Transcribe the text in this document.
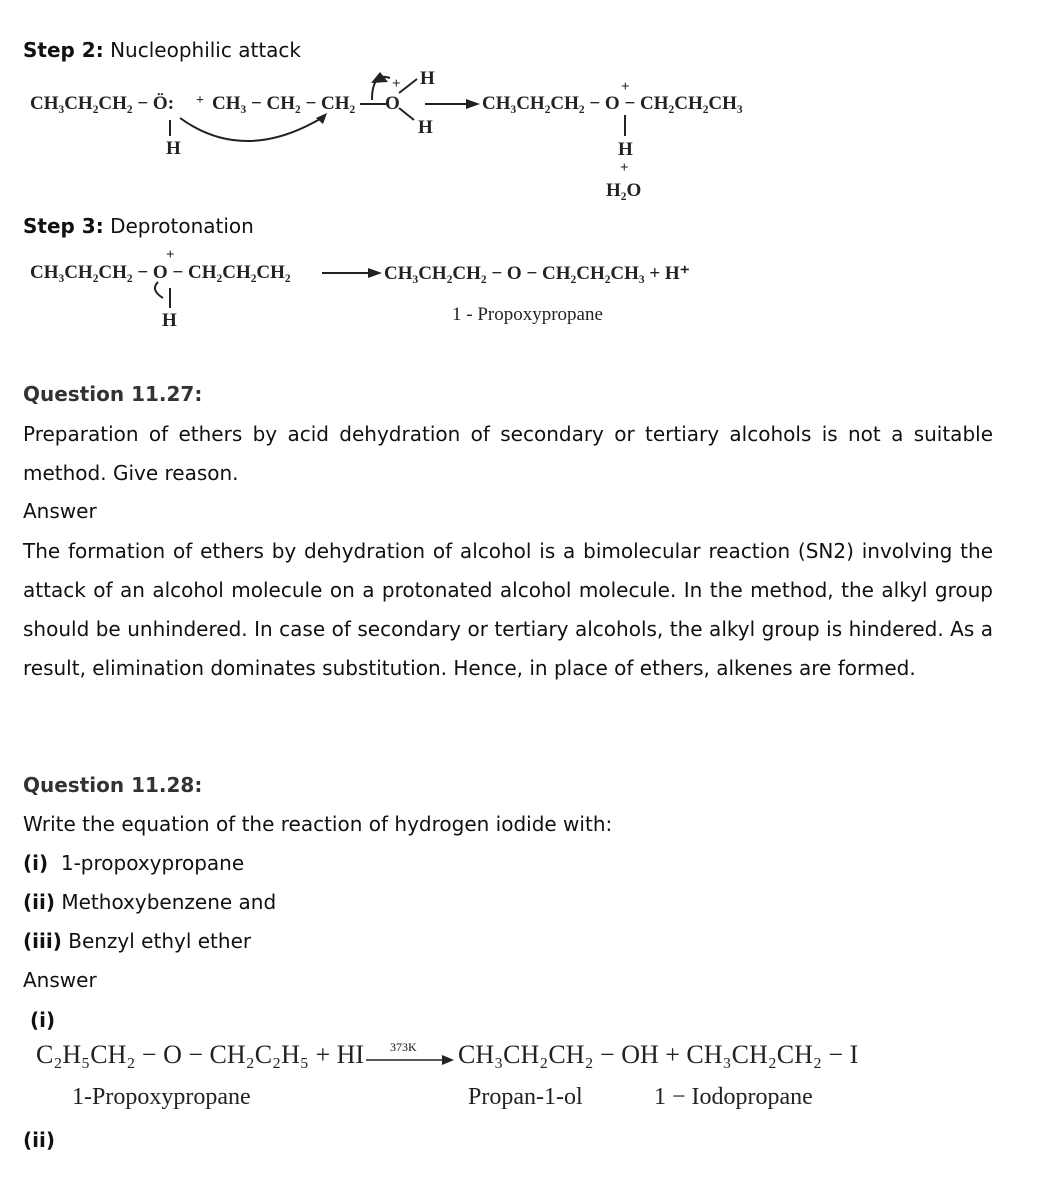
Step 2: Nucleophilic attack
CH₃CH₂CH₂ − Ö:
H
+ CH₃ − CH₂ − CH₂ O
+ H
H
CH₃CH₂CH₂ − O − CH₂CH₂CH₃
+
H
+
H₂O
Step 3: Deprotonation
CH₃CH₂CH₂ − O − CH₂CH₂CH₂
+
H
CH₃CH₂CH₂ − O − CH₂CH₂CH₃ + H⁺
1 - Propoxypropane
Question 11.27:
Preparation of ethers by acid dehydration of secondary or tertiary alcohols is not a suitable method. Give reason.
Answer
The formation of ethers by dehydration of alcohol is a bimolecular reaction (SN2) involving the attack of an alcohol molecule on a protonated alcohol molecule. In the method, the alkyl group should be unhindered. In case of secondary or tertiary alcohols, the alkyl group is hindered. As a result, elimination dominates substitution. Hence, in place of ethers, alkenes are formed.
Question 11.28:
Write the equation of the reaction of hydrogen iodide with:
(i) 1-propoxypropane
(ii) Methoxybenzene and
(iii) Benzyl ethyl ether
Answer
(i)
C₂H₅CH₂ − O − CH₂C₂H₅ + HI 373K CH₃CH₂CH₂ − OH + CH₃CH₂CH₂ − I
1-Propoxypropane	Propan-1-ol	1 − Iodopropane
(ii)
